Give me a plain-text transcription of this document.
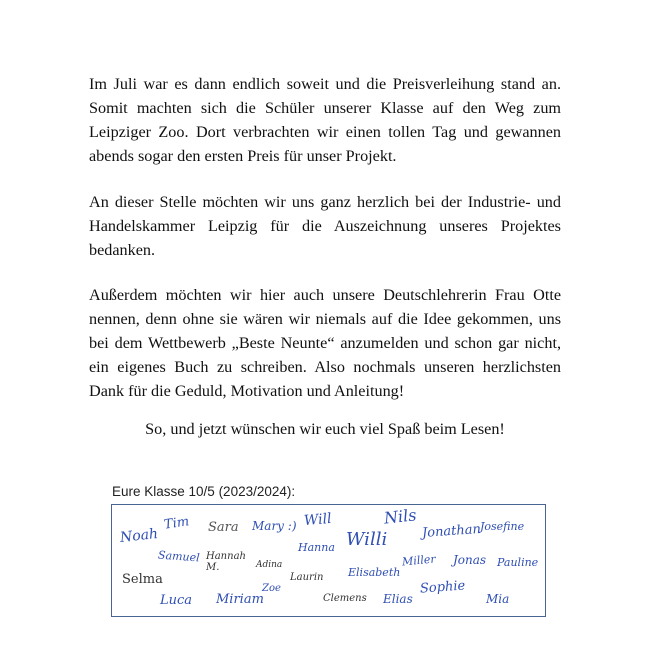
Im Juli war es dann endlich soweit und die Preisverleihung stand an. Somit machten sich die Schüler unserer Klasse auf den Weg zum Leipziger Zoo. Dort verbrachten wir einen tollen Tag und gewannen abends sogar den ersten Preis für unser Projekt.

An dieser Stelle möchten wir uns ganz herzlich bei der Industrie- und Handelskammer Leipzig für die Auszeichnung unseres Projektes bedanken.

Außerdem möchten wir hier auch unsere Deutschlehrerin Frau Otte nennen, denn ohne sie wären wir niemals auf die Idee gekommen, uns bei dem Wettbewerb „Beste Neunte“ anzumelden und schon gar nicht, ein eigenes Buch zu schreiben. Also nochmals unseren herzlichsten Dank für die Geduld, Motivation und Anleitung!

So, und jetzt wünschen wir euch viel Spaß beim Lesen!

Eure Klasse 10/5 (2023/2024):
Noah
Tim Sara Mary :) Will	Nils
Jonathan
Josefine
Samuel Hannah M.
Hanna Willi
Adina
Laurin Elisabeth
Miller Jonas Pauline
Selma
Luca Miriam
Zoe
Clemens Elias
Sophie
Mia
